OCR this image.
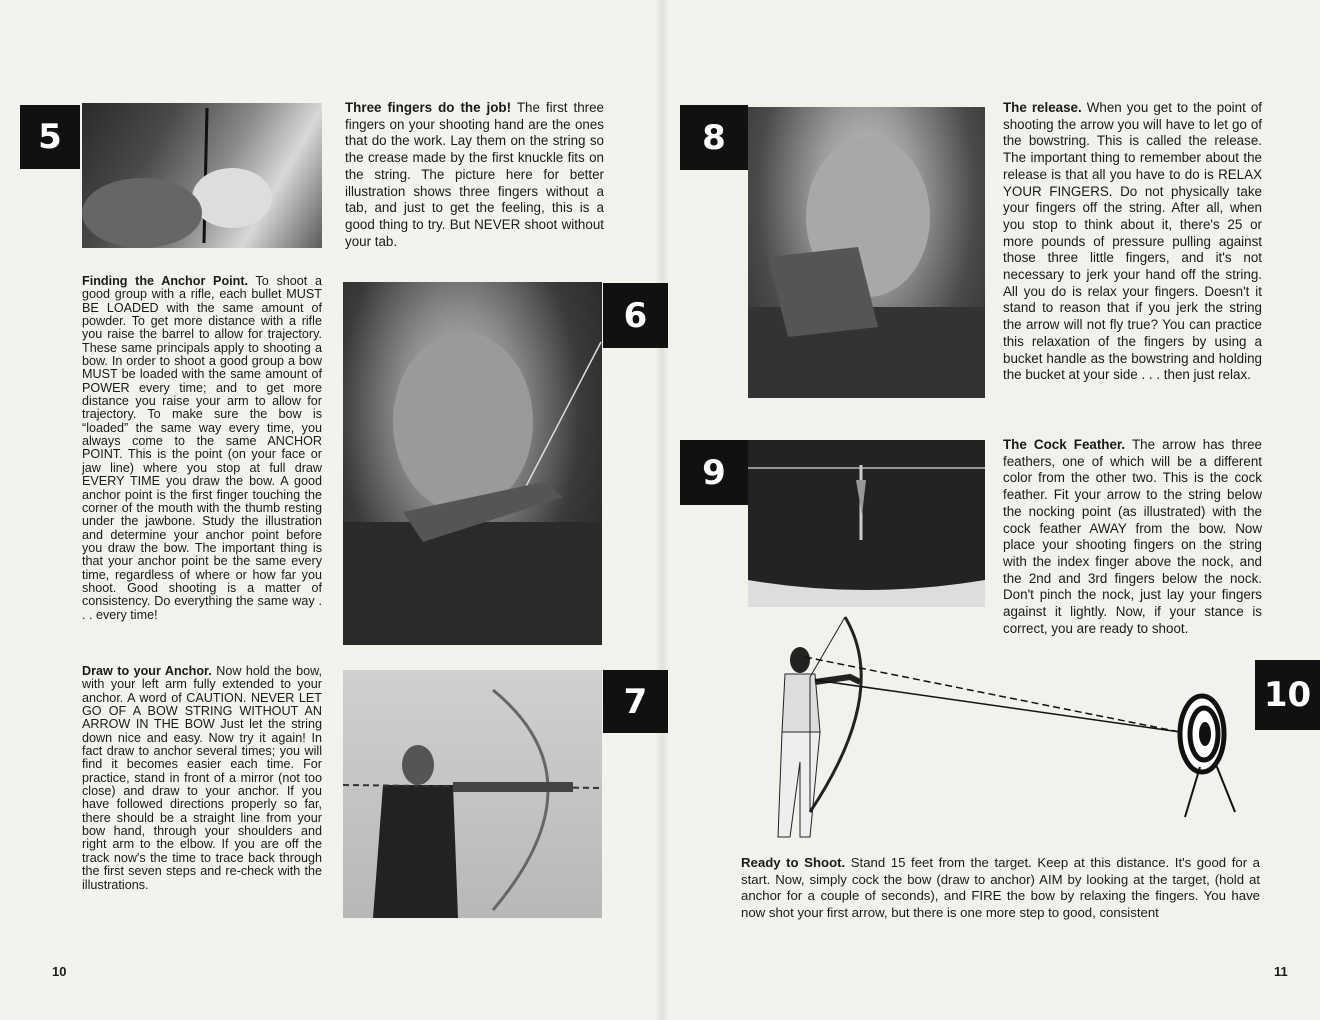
5

Three fingers do the job! The first three fingers on your shooting hand are the ones that do the work. Lay them on the string so the crease made by the first knuckle fits on the string. The picture here for better illustration shows three fingers without a tab, and just to get the feeling, this is a good thing to try. But NEVER shoot without your tab.

Finding the Anchor Point. To shoot a good group with a rifle, each bullet MUST BE LOADED with the same amount of powder. To get more distance with a rifle you raise the barrel to allow for trajectory. These same principals apply to shooting a bow. In order to shoot a good group a bow MUST be loaded with the same amount of POWER every time; and to get more distance you raise your arm to allow for trajectory. To make sure the bow is “loaded” the same way every time, you always come to the same ANCHOR POINT. This is the point (on your face or jaw line) where you stop at full draw EVERY TIME you draw the bow. A good anchor point is the first finger touching the corner of the mouth with the thumb resting under the jawbone. Study the illustration and determine your anchor point before you draw the bow. The important thing is that your anchor point be the same every time, regardless of where or how far you shoot. Good shooting is a matter of consistency. Do everything the same way . . . every time!

Draw to your Anchor. Now hold the bow, with your left arm fully extended to your anchor. A word of CAUTION. NEVER LET GO OF A BOW STRING WITHOUT AN ARROW IN THE BOW Just let the string down nice and easy. Now try it again! In fact draw to anchor several times; you will find it becomes easier each time. For practice, stand in front of a mirror (not too close) and draw to your anchor. If you have followed directions properly so far, there should be a straight line from your bow hand, through your shoulders and right arm to the elbow. If you are off the track now's the time to trace back through the first seven steps and re-check with the illustrations.

6
7
10
8

The release. When you get to the point of shooting the arrow you will have to let go of the bowstring. This is called the release. The important thing to remember about the release is that all you have to do is RELAX YOUR FINGERS. Do not physically take your fingers off the string. After all, when you stop to think about it, there's 25 or more pounds of pressure pulling against those three little fingers, and it's not necessary to jerk your hand off the string. All you do is relax your fingers. Doesn't it stand to reason that if you jerk the string the arrow will not fly true? You can practice this relaxation of the fingers by using a bucket handle as the bowstring and holding the bucket at your side . . . then just relax.

9

The Cock Feather. The arrow has three feathers, one of which will be a different color from the other two. This is the cock feather. Fit your arrow to the string below the nocking point (as illustrated) with the cock feather AWAY from the bow. Now place your shooting fingers on the string with the index finger above the nock, and the 2nd and 3rd fingers below the nock. Don't pinch the nock, just lay your fingers against it lightly. Now, if your stance is correct, you are ready to shoot.

10

Ready to Shoot. Stand 15 feet from the target. Keep at this distance. It's good for a start. Now, simply cock the bow (draw to anchor) AIM by looking at the target, (hold at anchor for a couple of seconds), and FIRE the bow by relaxing the fingers. You have now shot your first arrow, but there is one more step to good, consistent

11
